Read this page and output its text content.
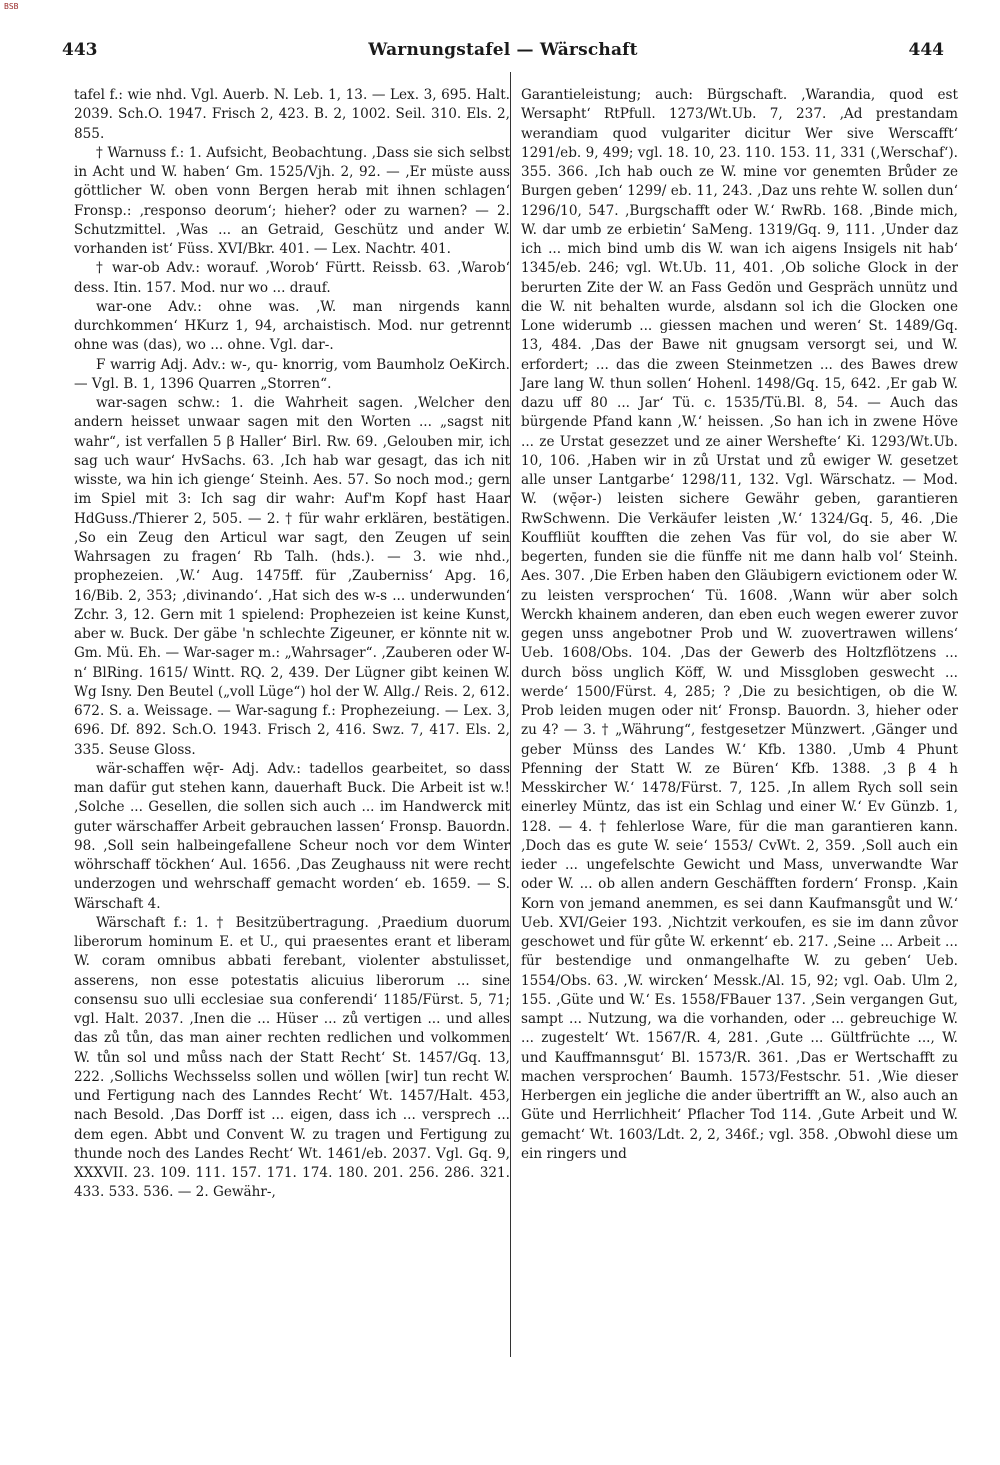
BSB
443	Warnungstafel — Wärschaft	444

tafel f.: wie nhd. Vgl. Auerb. N. Leb. 1, 13. — Lex. 3, 695. Halt. 2039. Sch.O. 1947. Frisch 2, 423. B. 2, 1002. Seil. 310. Els. 2, 855.

† Warnuss f.: 1. Aufsicht, Beobachtung. ‚Dass sie sich selbst in Acht und W. haben‘ Gm. 1525/Vjh. 2, 92. — ‚Er müste auss göttlicher W. oben vonn Bergen herab mit ihnen schlagen‘ Fronsp.: ‚responso deorum‘; hieher? oder zu warnen? — 2. Schutzmittel. ‚Was ... an Getraid, Geschütz und ander W. vorhanden ist‘ Füss. XVI/Bkr. 401. — Lex. Nachtr. 401.

† war-ob Adv.: worauf. ‚Worob‘ Fürtt. Reissb. 63. ‚Warob‘ dess. Itin. 157. Mod. nur wo ... drauf.

war-one Adv.: ohne was. ‚W. man nirgends kann durchkommen‘ HKurz 1, 94, archaistisch. Mod. nur getrennt ohne was (das), wo ... ohne. Vgl. dar-.

F warrig Adj. Adv.: w-, qu- knorrig, vom Baumholz OeKirch. — Vgl. B. 1, 1396 Quarren „Storren“.

war-sagen schw.: 1. die Wahrheit sagen. ‚Welcher den andern heisset unwaar sagen mit den Worten ... „sagst nit wahr“, ist verfallen 5 β Haller‘ Birl. Rw. 69. ‚Gelouben mir, ich sag uch waur‘ HvSachs. 63. ‚Ich hab war gesagt, das ich nit wisste, wa hin ich gienge‘ Steinh. Aes. 57. So noch mod.; gern im Spiel mit 3: Ich sag dir wahr: Auf'm Kopf hast Haar HdGuss./Thierer 2, 505. — 2. † für wahr erklären, bestätigen. ‚So ein Zeug den Articul war sagt, den Zeugen uf sein Wahrsagen zu fragen‘ Rb Talh. (hds.). — 3. wie nhd., prophezeien. ‚W.‘ Aug. 1475ff. für ‚Zauberniss‘ Apg. 16, 16/Bib. 2, 353; ‚divinando‘. ‚Hat sich des w-s ... underwunden‘ Zchr. 3, 12. Gern mit 1 spielend: Prophezeien ist keine Kunst, aber w. Buck. Der gäbe 'n schlechte Zigeuner, er könnte nit w. Gm. Mü. Eh. — War-sager m.: „Wahrsager“. ‚Zauberen oder W-n‘ BlRing. 1615/ Wintt. RQ. 2, 439. Der Lügner gibt keinen W. Wg Isny. Den Beutel („voll Lüge“) hol der W. Allg./ Reis. 2, 612. 672. S. a. Weissage. — War-sagung f.: Prophezeiung. — Lex. 3, 696. Df. 892. Sch.O. 1943. Frisch 2, 416. Swz. 7, 417. Els. 2, 335. Seuse Gloss.

wär-schaffen wę̄r- Adj. Adv.: tadellos gearbeitet, so dass man dafür gut stehen kann, dauerhaft Buck. Die Arbeit ist w.! ‚Solche ... Gesellen, die sollen sich auch ... im Handwerck mit guter wärschaffer Arbeit gebrauchen lassen‘ Fronsp. Bauordn. 98. ‚Soll sein halbeingefallene Scheur noch vor dem Winter wöhrschaff töckhen‘ Aul. 1656. ‚Das Zeughauss nit were recht underzogen und wehrschaff gemacht worden‘ eb. 1659. — S. Wärschaft 4.

Wärschaft f.: 1. † Besitzübertragung. ‚Praedium duorum liberorum hominum E. et U., qui praesentes erant et liberam W. coram omnibus abbati ferebant, violenter abstulisset, asserens, non esse potestatis alicuius liberorum ... sine consensu suo ulli ecclesiae sua conferendi‘ 1185/Fürst. 5, 71; vgl. Halt. 2037. ‚Inen die ... Hüser ... zů vertigen ... und alles das zů tůn, das man ainer rechten redlichen und volkommen W. tůn sol und můss nach der Statt Recht‘ St. 1457/Gq. 13, 222. ‚Sollichs Wechsselss sollen und wöllen [wir] tun recht W. und Fertigung nach des Lanndes Recht‘ Wt. 1457/Halt. 453, nach Besold. ‚Das Dorff ist ... eigen, dass ich ... versprech ... dem egen. Abbt und Convent W. zu tragen und Fertigung zu thunde noch des Landes Recht‘ Wt. 1461/eb. 2037. Vgl. Gq. 9, XXXVII. 23. 109. 111. 157. 171. 174. 180. 201. 256. 286. 321. 433. 533. 536. — 2. Gewähr-,

Garantieleistung; auch: Bürgschaft. ‚Warandia, quod est Wersapht‘ RtPfull. 1273/Wt.Ub. 7, 237. ‚Ad prestandam werandiam quod vulgariter dicitur Wer sive Werscafft‘ 1291/eb. 9, 499; vgl. 18. 10, 23. 110. 153. 11, 331 (‚Werschaf‘). 355. 366. ‚Ich hab ouch ze W. mine vor genemten Brůder ze Burgen geben‘ 1299/ eb. 11, 243. ‚Daz uns rehte W. sollen dun‘ 1296/10, 547. ‚Burgschafft oder W.‘ RwRb. 168. ‚Binde mich, W. dar umb ze erbietin‘ SaMeng. 1319/Gq. 9, 111. ‚Under daz ich ... mich bind umb dis W. wan ich aigens Insigels nit hab‘ 1345/eb. 246; vgl. Wt.Ub. 11, 401. ‚Ob soliche Glock in der berurten Zite der W. an Fass Gedön und Gespräch unnütz und die W. nit behalten wurde, alsdann sol ich die Glocken one Lone widerumb ... giessen machen und weren‘ St. 1489/Gq. 13, 484. ‚Das der Bawe nit gnugsam versorgt sei, und W. erfordert; ... das die zween Steinmetzen ... des Bawes drew Jare lang W. thun sollen‘ Hohenl. 1498/Gq. 15, 642. ‚Er gab W. dazu uff 80 ... Jar‘ Tü. c. 1535/Tü.Bl. 8, 54. — Auch das bürgende Pfand kann ‚W.‘ heissen. ‚So han ich in zwene Höve ... ze Urstat gesezzet und ze ainer Wershefte‘ Ki. 1293/Wt.Ub. 10, 106. ‚Haben wir in zů Urstat und zů ewiger W. gesetzet alle unser Lantgarbe‘ 1298/11, 132. Vgl. Wärschatz. — Mod. W. (wę̄ər-) leisten sichere Gewähr geben, garantieren RwSchwenn. Die Verkäufer leisten ‚W.‘ 1324/Gq. 5, 46. ‚Die Kouffliüt koufften die zehen Vas für vol, do sie aber W. begerten, funden sie die fünffe nit me dann halb vol‘ Steinh. Aes. 307. ‚Die Erben haben den Gläubigern evictionem oder W. zu leisten versprochen‘ Tü. 1608. ‚Wann wür aber solch Werckh khainem anderen, dan eben euch wegen ewerer zuvor gegen unss angebotner Prob und W. zuovertrawen willens‘ Ueb. 1608/Obs. 104. ‚Das der Gewerb des Holtzflötzens ... durch böss unglich Köff, W. und Missgloben geswecht ... werde‘ 1500/Fürst. 4, 285; ? ‚Die zu besichtigen, ob die W. Prob leiden mugen oder nit‘ Fronsp. Bauordn. 3, hieher oder zu 4? — 3. † „Währung“, festgesetzer Münzwert. ‚Gänger und geber Münss des Landes W.‘ Kfb. 1380. ‚Umb 4 Phunt Pfenning der Statt W. ze Büren‘ Kfb. 1388. ‚3 β 4 h Messkircher W.‘ 1478/Fürst. 7, 125. ‚In allem Rych soll sein einerley Müntz, das ist ein Schlag und einer W.‘ Ev Günzb. 1, 128. — 4. † fehlerlose Ware, für die man garantieren kann. ‚Doch das es gute W. seie‘ 1553/ CvWt. 2, 359. ‚Soll auch ein ieder ... ungefelschte Gewicht und Mass, unverwandte War oder W. ... ob allen andern Geschäfften fordern‘ Fronsp. ‚Kain Korn von jemand anemmen, es sei dann Kaufmansgůt und W.‘ Ueb. XVI/Geier 193. ‚Nichtzit verkoufen, es sie im dann zůvor geschowet und für gůte W. erkennt‘ eb. 217. ‚Seine ... Arbeit ... für bestendige und onmangelhafte W. zu geben‘ Ueb. 1554/Obs. 63. ‚W. wircken‘ Messk./Al. 15, 92; vgl. Oab. Ulm 2, 155. ‚Güte und W.‘ Es. 1558/FBauer 137. ‚Sein vergangen Gut, sampt ... Nutzung, wa die vorhanden, oder ... gebreuchige W. ... zugestelt‘ Wt. 1567/R. 4, 281. ‚Gute ... Gültfrüchte ..., W. und Kauffmannsgut‘ Bl. 1573/R. 361. ‚Das er Wertschafft zu machen versprochen‘ Baumh. 1573/Festschr. 51. ‚Wie dieser Herbergen ein jegliche die ander übertrifft an W., also auch an Güte und Herrlichheit‘ Pflacher Tod 114. ‚Gute Arbeit und W. gemacht‘ Wt. 1603/Ldt. 2, 2, 346f.; vgl. 358. ‚Obwohl diese um ein ringers und
